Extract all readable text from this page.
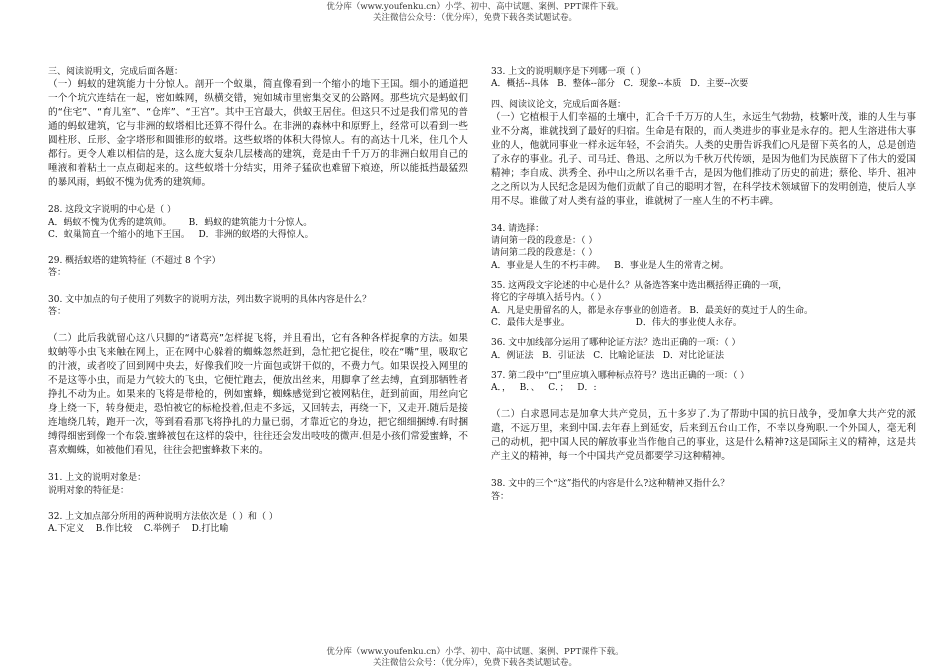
优分库（www.youfenku.cn）小学、初中、高中试题、案例、PPT课件下载。
关注微信公众号：（优分库），免费下载各类试题试卷。

三、阅读说明文，完成后面各题：

（一）蚂蚁的建筑能力十分惊人。剖开一个蚁巢，简直像看到一个缩小的地下王国。细小的通道把一个个坑穴连结在一起，密如蛛网，纵横交错，宛如城市里密集交叉的公路网。那些坑穴是蚂蚁们的“住宅”、“育儿室”、“仓库”、“王宫”。其中王宫最大，供蚁王居住。但这只不过是我们常见的普通的蚂蚁建筑，它与非洲的蚁塔相比还算不得什么。在非洲的森林中和原野上，经常可以看到一些圆柱形、丘形、金字塔形和圆锥形的蚁塔。这些蚁塔的体积大得惊人。有的高达十几米，住几个人都行。更令人难以相信的是，这么庞大复杂几层楼高的建筑，竟是由千千万万的非洲白蚁用自己的唾液和着粘土一点点砌起来的。这些蚁塔十分结实，用斧子猛砍也难留下痕迹，所以能抵挡最猛烈的暴风雨，蚂蚁不愧为优秀的建筑师。

28. 这段文字说明的中心是（ ）

A．蚂蚁不愧为优秀的建筑师。      B．蚂蚁的建筑能力十分惊人。

C．蚁巢简直一个缩小的地下王国。   D．非洲的蚁塔的大得惊人。

29. 概括蚁塔的建筑特征（不超过 8 个字）

答：

30. 文中加点的句子使用了列数字的说明方法，列出数字说明的具体内容是什么？

答：

（二）此后我就留心这八只脚的“诸葛亮”怎样捉飞将，并且看出，它有各种各样捉拿的方法。如果蚊蚋等小虫飞来触在网上，正在网中心躲着的蜘蛛忽然赶到，急忙把它捉住，咬在“嘴”里，吸取它的汁液，或者咬了回到网中央去，好像我们咬一片面包或饼干似的，不费力气。如果误投入网里的不是这等小虫，而是力气较大的飞虫，它便忙跑去，便放出丝来，用脚拿了丝去缚，直到那牺牲者挣扎不动为止。如果来的飞将是带枪的，例如蜜蜂，蜘蛛感觉到它被网粘住，赶到前面，用丝向它身上绕一下，转身便走，恐怕被它的标枪投着,但走不多远，又回转去，再绕一下，又走开.随后是接连地绕几转，跑开一次，等到看看那飞将挣扎的力量已弱，才靠近它的身边，把它细细捆缚.有时捆缚得细密到像一个布袋.蜜蜂被包在这样的袋中，往往还会发出吱吱的微声.但是小孩们常爱蜜蜂，不喜欢蜘蛛，如被他们看见，往往会把蜜蜂救下来的。

31. 上文的说明对象是：

说明对象的特征是：

32. 上文加点部分所用的两种说明方法依次是（ ）和（ ）

A.下定义    B.作比较    C.举例子    D.打比喻

33. 上文的说明顺序是下列哪一项（ ）

A．概括--具体   B．整体--部分   C．现象--本质   D．主要--次要

四、阅读议论文，完成后面各题：

（一）它植根于人们幸福的土壤中，汇合千千万万的人生，永远生气勃勃，枝繁叶茂，谁的人生与事业不分离，谁就找到了最好的归宿。生命是有限的，而人类进步的事业是永存的。把人生溶进伟大事业的人，他就同事业一样永远年轻，不会消失。人类的史册告诉我们○凡是留下英名的人，总是创造了永存的事业。孔子、司马迁、鲁迅、之所以为千秋万代传颂，是因为他们为民族留下了伟大的爱国精神；李自成、洪秀全、孙中山之所以名垂千古，是因为他们推动了历史的前进；蔡伦、毕升、祖冲之之所以为人民纪念是因为他们贡献了自己的聪明才智，在科学技术领域留下的发明创造，使后人享用不尽。谁做了对人类有益的事业，谁就树了一座人生的不朽丰碑。

34. 请选择：

请问第一段的段意是：（ ）

请问第二段的段意是：（ ）

A．事业是人生的不朽丰碑。   B．事业是人生的常青之树。

35. 这两段文字论述的中心是什么？从备选答案中选出概括得正确的一项，

将它的字母填入括号内。（ ）

A．凡是史册留名的人，都是永存事业的创造者。 B．最美好的莫过于人的生命。

C．最伟大是事业。                       D．伟大的事业使人永存。

36. 文中加线部分运用了哪种论证方法？选出正确的一项：（ ）

A．例证法   B．引证法   C．比喻论证法   D．对比论证法

37. 第二段中“□”里应填入哪种标点符号？选出正确的一项：（ ）

A．，   B．、   C．；   D．:

（二）白求恩同志是加拿大共产党员，五十多岁了.为了帮助中国的抗日战争，受加拿大共产党的派遣，不远万里，来到中国.去年春上到延安，后来到五台山工作，不幸以身殉职.一个外国人，毫无利己的动机，把中国人民的解放事业当作他自己的事业，这是什么精神?这是国际主义的精神，这是共产主义的精神，每一个中国共产党员都要学习这种精神。

38. 文中的三个“这”指代的内容是什么?这种精神又指什么？

答：

优分库（www.youfenku.cn）小学、初中、高中试题、案例、PPT课件下载。
关注微信公众号：（优分库），免费下载各类试题试卷。
